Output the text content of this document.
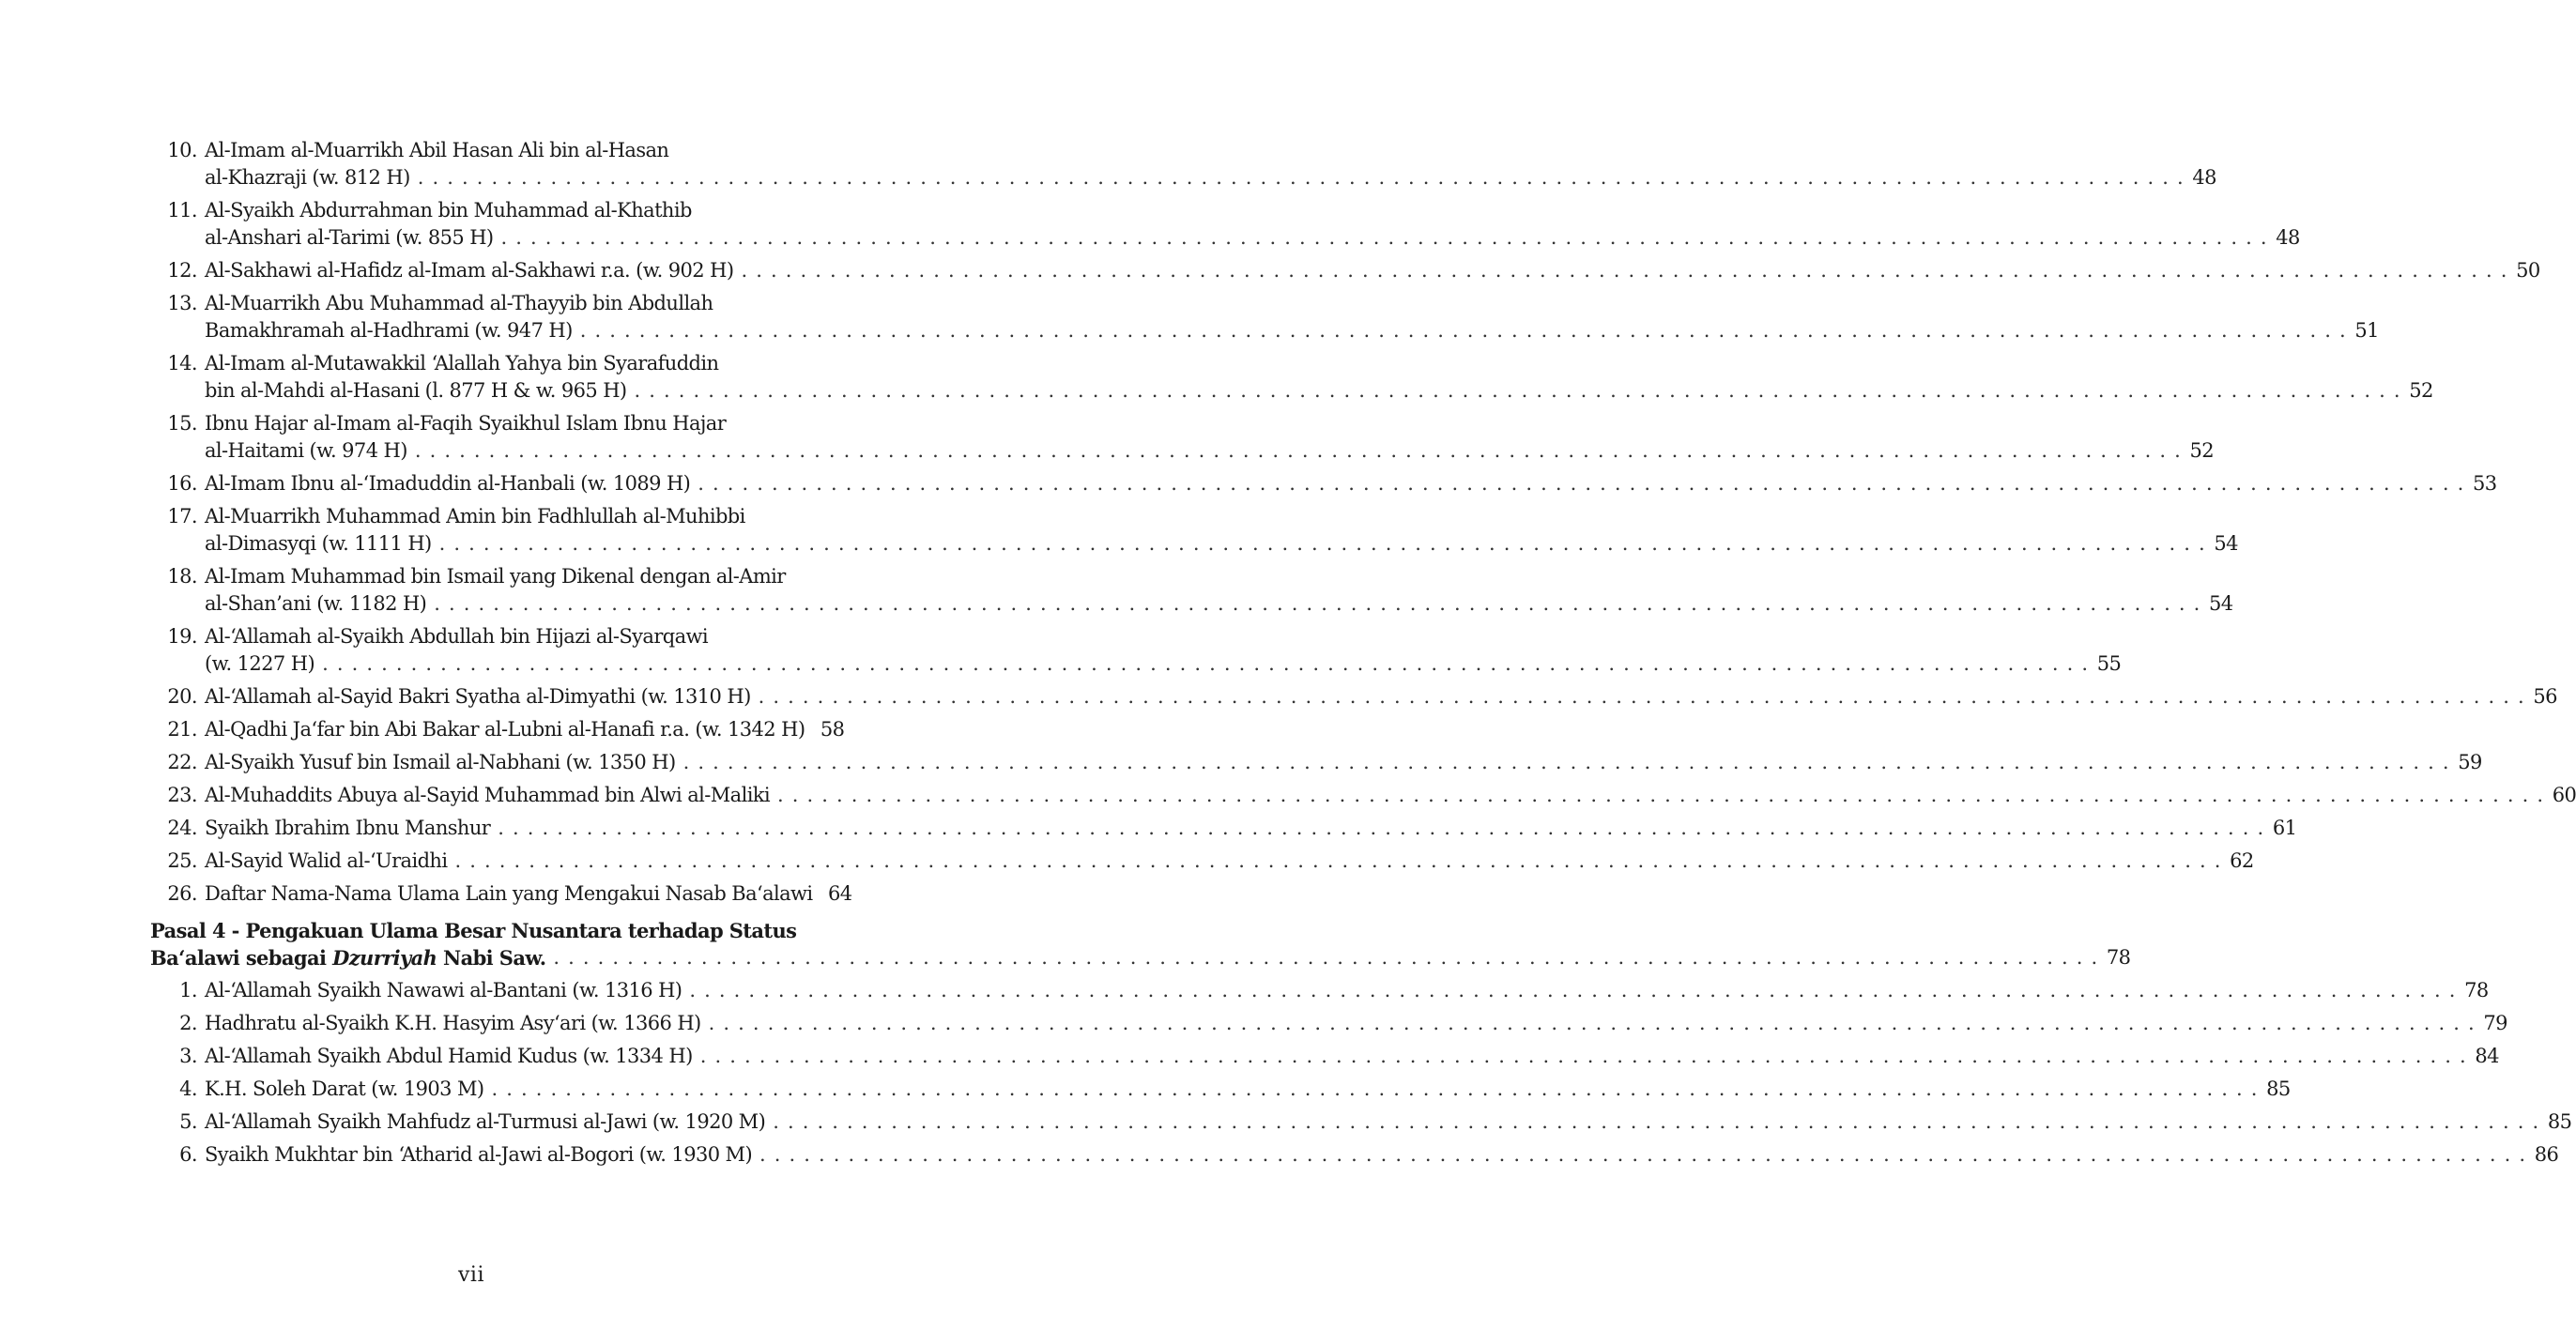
10. Al-Imam al-Muarrikh Abil Hasan Ali bin al-Hasan
al-Khazraji (w. 812 H) . . . . . . . . . . . . . . . . . . . . . . . . . . . . . . . . . . . . . . . . . . . . . . . . . . . . . . . . . . . . . . . . . . . . . . . . . . . . . . . . . . . . . . . . . . . . . . . . . . . . . . . . . . . . . . . . . . . . . . . . 48
11. Al-Syaikh Abdurrahman bin Muhammad al-Khathib
al-Anshari al-Tarimi (w. 855 H) . . . . . . . . . . . . . . . . . . . . . . . . . . . . . . . . . . . . . . . . . . . . . . . . . . . . . . . . . . . . . . . . . . . . . . . . . . . . . . . . . . . . . . . . . . . . . . . . . . . . . . . . . . . . . . . . . . . . . . . . 48
12. Al-Sakhawi al-Hafidz al-Imam al-Sakhawi r.a. (w. 902 H) . . . . . . . . . . . . . . . . . . . . . . . . . . . . . . . . . . . . . . . . . . . . . . . . . . . . . . . . . . . . . . . . . . . . . . . . . . . . . . . . . . . . . . . . . . . . . . . . . . . . . . . . . . . . . . . . . . . . . . . . 50
13. Al-Muarrikh Abu Muhammad al-Thayyib bin Abdullah
Bamakhramah al-Hadhrami (w. 947 H) . . . . . . . . . . . . . . . . . . . . . . . . . . . . . . . . . . . . . . . . . . . . . . . . . . . . . . . . . . . . . . . . . . . . . . . . . . . . . . . . . . . . . . . . . . . . . . . . . . . . . . . . . . . . . . . . . . . . . . . . 51
14. Al-Imam al-Mutawakkil ‘Alallah Yahya bin Syarafuddin
bin al-Mahdi al-Hasani (l. 877 H & w. 965 H) . . . . . . . . . . . . . . . . . . . . . . . . . . . . . . . . . . . . . . . . . . . . . . . . . . . . . . . . . . . . . . . . . . . . . . . . . . . . . . . . . . . . . . . . . . . . . . . . . . . . . . . . . . . . . . . . . . . . . . . . 52
15. Ibnu Hajar al-Imam al-Faqih Syaikhul Islam Ibnu Hajar
al-Haitami (w. 974 H) . . . . . . . . . . . . . . . . . . . . . . . . . . . . . . . . . . . . . . . . . . . . . . . . . . . . . . . . . . . . . . . . . . . . . . . . . . . . . . . . . . . . . . . . . . . . . . . . . . . . . . . . . . . . . . . . . . . . . . . . 52
16. Al-Imam Ibnu al-‘Imaduddin al-Hanbali (w. 1089 H) . . . . . . . . . . . . . . . . . . . . . . . . . . . . . . . . . . . . . . . . . . . . . . . . . . . . . . . . . . . . . . . . . . . . . . . . . . . . . . . . . . . . . . . . . . . . . . . . . . . . . . . . . . . . . . . . . . . . . . . . 53
17. Al-Muarrikh Muhammad Amin bin Fadhlullah al-Muhibbi
al-Dimasyqi (w. 1111 H) . . . . . . . . . . . . . . . . . . . . . . . . . . . . . . . . . . . . . . . . . . . . . . . . . . . . . . . . . . . . . . . . . . . . . . . . . . . . . . . . . . . . . . . . . . . . . . . . . . . . . . . . . . . . . . . . . . . . . . . . 54
18. Al-Imam Muhammad bin Ismail yang Dikenal dengan al-Amir
al-Shan’ani (w. 1182 H) . . . . . . . . . . . . . . . . . . . . . . . . . . . . . . . . . . . . . . . . . . . . . . . . . . . . . . . . . . . . . . . . . . . . . . . . . . . . . . . . . . . . . . . . . . . . . . . . . . . . . . . . . . . . . . . . . . . . . . . . 54
19. Al-‘Allamah al-Syaikh Abdullah bin Hijazi al-Syarqawi
(w. 1227 H) . . . . . . . . . . . . . . . . . . . . . . . . . . . . . . . . . . . . . . . . . . . . . . . . . . . . . . . . . . . . . . . . . . . . . . . . . . . . . . . . . . . . . . . . . . . . . . . . . . . . . . . . . . . . . . . . . . . . . . . . 55
20. Al-‘Allamah al-Sayid Bakri Syatha al-Dimyathi (w. 1310 H) . . . . . . . . . . . . . . . . . . . . . . . . . . . . . . . . . . . . . . . . . . . . . . . . . . . . . . . . . . . . . . . . . . . . . . . . . . . . . . . . . . . . . . . . . . . . . . . . . . . . . . . . . . . . . . . . . . . . . . . . 56
21. Al-Qadhi Ja‘far bin Abi Bakar al-Lubni al-Hanafi r.a. (w. 1342 H) 58
22. Al-Syaikh Yusuf bin Ismail al-Nabhani (w. 1350 H) . . . . . . . . . . . . . . . . . . . . . . . . . . . . . . . . . . . . . . . . . . . . . . . . . . . . . . . . . . . . . . . . . . . . . . . . . . . . . . . . . . . . . . . . . . . . . . . . . . . . . . . . . . . . . . . . . . . . . . . . 59
23. Al-Muhaddits Abuya al-Sayid Muhammad bin Alwi al-Maliki . . . . . . . . . . . . . . . . . . . . . . . . . . . . . . . . . . . . . . . . . . . . . . . . . . . . . . . . . . . . . . . . . . . . . . . . . . . . . . . . . . . . . . . . . . . . . . . . . . . . . . . . . . . . . . . . . . . . . . . . 60
24. Syaikh Ibrahim Ibnu Manshur . . . . . . . . . . . . . . . . . . . . . . . . . . . . . . . . . . . . . . . . . . . . . . . . . . . . . . . . . . . . . . . . . . . . . . . . . . . . . . . . . . . . . . . . . . . . . . . . . . . . . . . . . . . . . . . . . . . . . . . . 61
25. Al-Sayid Walid al-‘Uraidhi . . . . . . . . . . . . . . . . . . . . . . . . . . . . . . . . . . . . . . . . . . . . . . . . . . . . . . . . . . . . . . . . . . . . . . . . . . . . . . . . . . . . . . . . . . . . . . . . . . . . . . . . . . . . . . . . . . . . . . . . 62
26. Daftar Nama-Nama Ulama Lain yang Mengakui Nasab Ba‘alawi 64
Pasal 4 - Pengakuan Ulama Besar Nusantara terhadap Status
Ba‘alawi sebagai Dzurriyah Nabi Saw. . . . . . . . . . . . . . . . . . . . . . . . . . . . . . . . . . . . . . . . . . . . . . . . . . . . . . . . . . . . . . . . . . . . . . . . . . . . . . . . . . . . . . . . . . . . . . . . . . . . . . . . . . 78
1. Al-‘Allamah Syaikh Nawawi al-Bantani (w. 1316 H) . . . . . . . . . . . . . . . . . . . . . . . . . . . . . . . . . . . . . . . . . . . . . . . . . . . . . . . . . . . . . . . . . . . . . . . . . . . . . . . . . . . . . . . . . . . . . . . . . . . . . . . . . . . . . . . . . . . . . . . . 78
2. Hadhratu al-Syaikh K.H. Hasyim Asy‘ari (w. 1366 H) . . . . . . . . . . . . . . . . . . . . . . . . . . . . . . . . . . . . . . . . . . . . . . . . . . . . . . . . . . . . . . . . . . . . . . . . . . . . . . . . . . . . . . . . . . . . . . . . . . . . . . . . . . . . . . . . . . . . . . . . 79
3. Al-‘Allamah Syaikh Abdul Hamid Kudus (w. 1334 H) . . . . . . . . . . . . . . . . . . . . . . . . . . . . . . . . . . . . . . . . . . . . . . . . . . . . . . . . . . . . . . . . . . . . . . . . . . . . . . . . . . . . . . . . . . . . . . . . . . . . . . . . . . . . . . . . . . . . . . . . 84
4. K.H. Soleh Darat (w. 1903 M) . . . . . . . . . . . . . . . . . . . . . . . . . . . . . . . . . . . . . . . . . . . . . . . . . . . . . . . . . . . . . . . . . . . . . . . . . . . . . . . . . . . . . . . . . . . . . . . . . . . . . . . . . . . . . . . . . . . . . . . . 85
5. Al-‘Allamah Syaikh Mahfudz al-Turmusi al-Jawi (w. 1920 M) . . . . . . . . . . . . . . . . . . . . . . . . . . . . . . . . . . . . . . . . . . . . . . . . . . . . . . . . . . . . . . . . . . . . . . . . . . . . . . . . . . . . . . . . . . . . . . . . . . . . . . . . . . . . . . . . . . . . . . . . 85
6. Syaikh Mukhtar bin ‘Atharid al-Jawi al-Bogori (w. 1930 M) . . . . . . . . . . . . . . . . . . . . . . . . . . . . . . . . . . . . . . . . . . . . . . . . . . . . . . . . . . . . . . . . . . . . . . . . . . . . . . . . . . . . . . . . . . . . . . . . . . . . . . . . . . . . . . . . . . . . . . . . 86
vii
